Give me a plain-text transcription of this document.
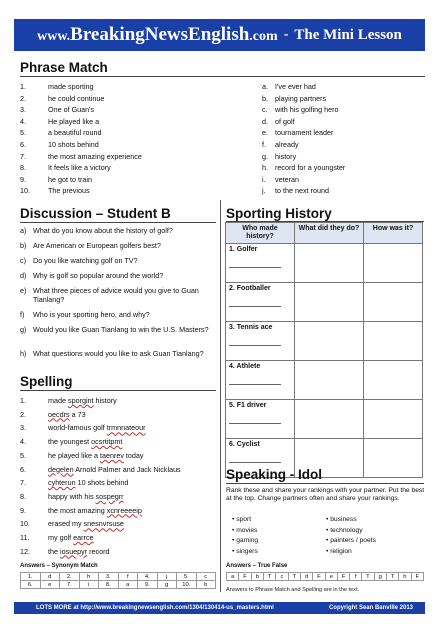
www.BreakingNewsEnglish.com - The Mini Lesson
Phrase Match
1.	made sporting
2.	he could continue
3.	One of Guan's
4.	He played like a
5.	a beautiful round
6.	10 shots behind
7.	the most amazing experience
8.	It feels like a victory
9.	he got to train
10.	The previous
a. I've ever had
b. playing partners
c. with his golfing hero
d. of golf
e. tournament leader
f. already
g. history
h. record for a youngster
i. veteran
j. to the next round
Discussion – Student B
a) What do you know about the history of golf?
b) Are American or European golfers best?
c) Do you like watching golf on TV?
d) Why is golf so popular around the world?
e) What three pieces of advice would you give to Guan Tianlang?
f) Who is your sporting hero, and why?
g) Would you like Guan Tianlang to win the U.S. Masters?
h) What questions would you like to ask Guan Tianlang?
Sporting History
Who made history?	What did they do?	How was it?
1. Golfer

2. Footballer

3. Tennis ace

4. Athlete

5. F1 driver

6. Cyclist

Spelling
1.	made sporgint history
2.	oecdrs a 73
3.	world-famous golf trmnnateour
4.	the youngest ocsrtitpmt
5.	he played like a taenrev today
6.	degelen Arnold Palmer and Jack Nicklaus
7.	cyhterun 10 shots behind
8.	happy with his sospegrr
9.	the most amazing xcnreeeeip
10.	erased my snesnvrsuse
11.	my golf earrce
12.	the iosuepyr record
Answers – Synonym Match
1.	d	2.	h	3.	f	4.	j	5.	c
6.	e	7.	i	8.	a	9.	g	10.	b
Speaking - Idol
Rank these and share your rankings with your partner. Put the best at the top. Change partners often and share your rankings.
• sport
• movies
• gaming
• singers
• business
• technology
• painters / poets
• religion
Answers – True False
a	F	b	T	c	T	d	F	e	F	f	T	g	T	h	F
Answers to Phrase Match and Spelling are in the text.
LOTS MORE at http://www.breakingnewsenglish.com/1304/130414-us_masters.html	Copyright Sean Banville 2013
